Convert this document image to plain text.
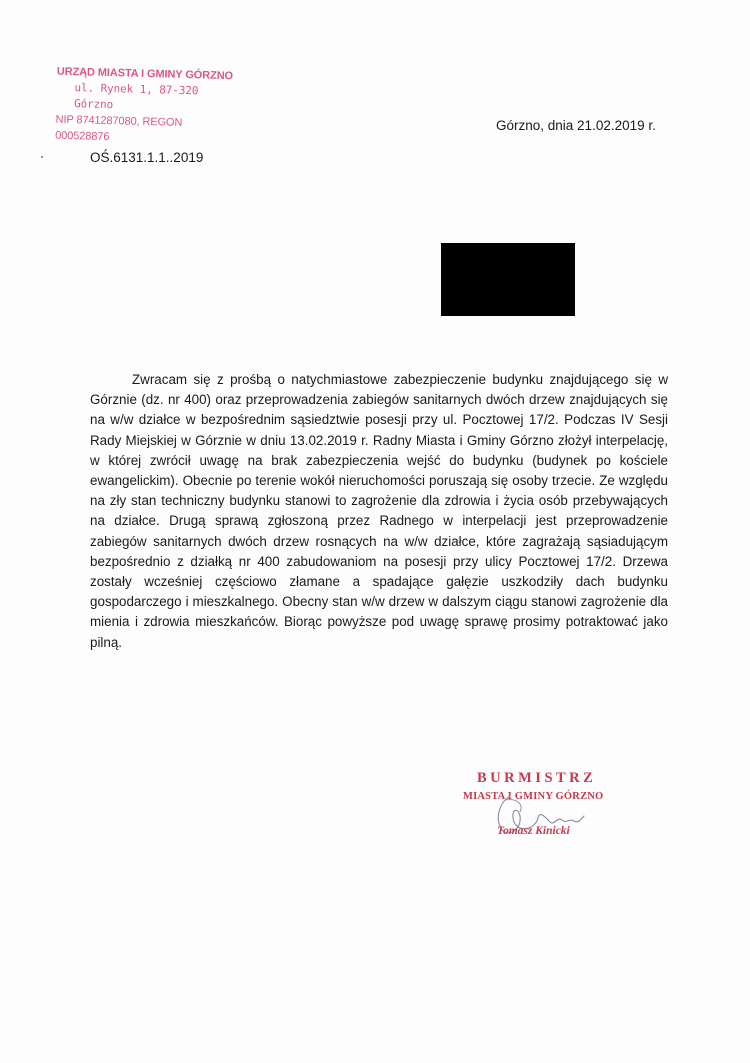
URZĄD MIASTA I GMINY GÓRZNO
ul. Rynek 1, 87-320 Górzno
NIP 8741287080, REGON 000528876
Górzno, dnia 21.02.2019 r.
OŚ.6131.1.1..2019

Zwracam się z prośbą o natychmiastowe zabezpieczenie budynku znajdującego się w Górznie (dz. nr 400) oraz przeprowadzenia zabiegów sanitarnych dwóch drzew znajdujących się na w/w działce w bezpośrednim sąsiedztwie posesji przy ul. Pocztowej 17/2. Podczas IV Sesji Rady Miejskiej w Górznie w dniu 13.02.2019 r. Radny Miasta i Gminy Górzno złożył interpelację, w której zwrócił uwagę na brak zabezpieczenia wejść do budynku (budynek po kościele ewangelickim). Obecnie po terenie wokół nieruchomości poruszają się osoby trzecie. Ze względu na zły stan techniczny budynku stanowi to zagrożenie dla zdrowia i życia osób przebywających na działce. Drugą sprawą zgłoszoną przez Radnego w interpelacji jest przeprowadzenie zabiegów sanitarnych dwóch drzew rosnących na w/w działce, które zagrażają sąsiadującym bezpośrednio z działką nr 400 zabudowaniom na posesji przy ulicy Pocztowej 17/2. Drzewa zostały wcześniej częściowo złamane a spadające gałęzie uszkodziły dach budynku gospodarczego i mieszkalnego. Obecny stan w/w drzew w dalszym ciągu stanowi zagrożenie dla mienia i zdrowia mieszkańców. Biorąc powyższe pod uwagę sprawę prosimy potraktować jako pilną.

BURMISTRZ
MIASTA I GMINY GÓRZNO
Tomasz Kinicki
